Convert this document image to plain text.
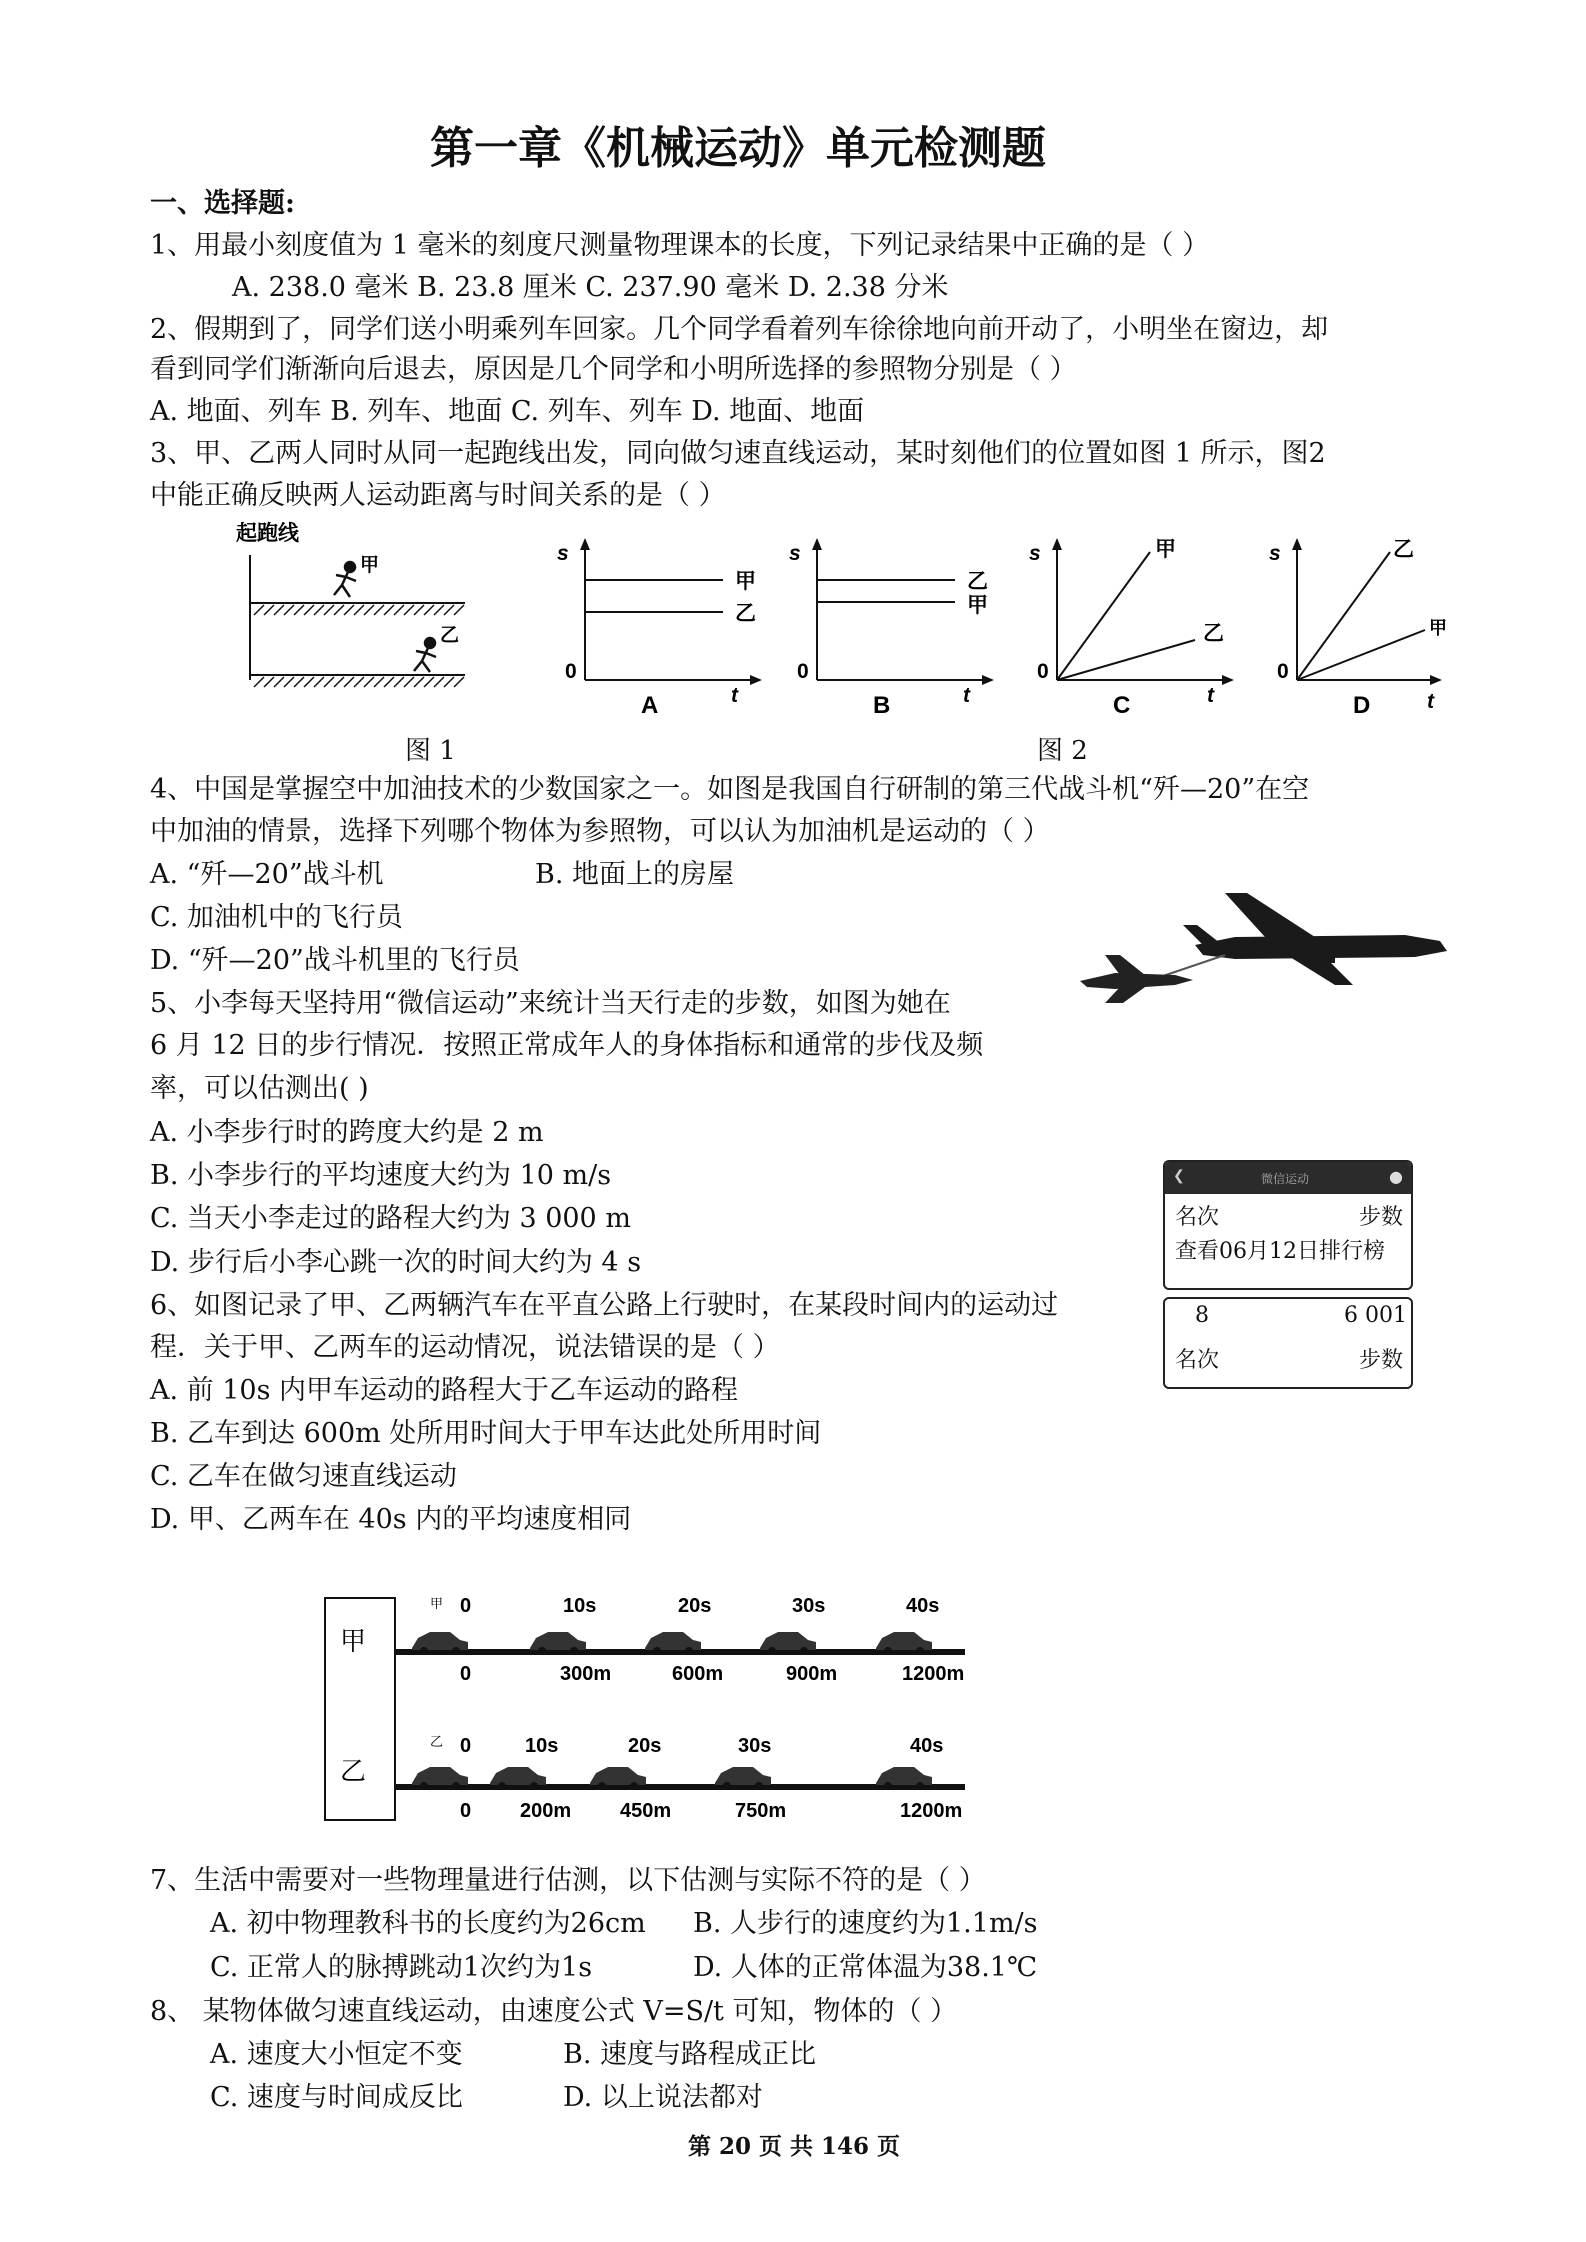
第一章《机械运动》单元检测题
一、选择题:
1、用最小刻度值为 1 毫米的刻度尺测量物理课本的长度，下列记录结果中正确的是（ ）
A. 238.0 毫米 B. 23.8 厘米 C. 237.90 毫米 D. 2.38 分米
2、假期到了，同学们送小明乘列车回家。几个同学看着列车徐徐地向前开动了，小明坐在窗边，却
看到同学们渐渐向后退去，原因是几个同学和小明所选择的参照物分别是（ ）
A. 地面、列车 B. 列车、地面 C. 列车、列车 D. 地面、地面
3、甲、乙两人同时从同一起跑线出发，同向做匀速直线运动，某时刻他们的位置如图 1 所示，图2
中能正确反映两人运动距离与时间关系的是（ ）
起跑线
甲
乙
图 1
s
0
t
甲
乙
A
s
0
t
乙
甲
B
s
0
t
甲
乙
C
s
0
t
乙
甲
D
图 2
4、中国是掌握空中加油技术的少数国家之一。如图是我国自行研制的第三代战斗机“歼—20”在空
中加油的情景，选择下列哪个物体为参照物，可以认为加油机是运动的（ ）
A. “歼—20”战斗机	B. 地面上的房屋
C. 加油机中的飞行员
D. “歼—20”战斗机里的飞行员
5、小李每天坚持用“微信运动”来统计当天行走的步数，如图为她在
6 月 12 日的步行情况．按照正常成年人的身体指标和通常的步伐及频
率，可以估测出( )
A. 小李步行时的跨度大约是 2 m
B. 小李步行的平均速度大约为 10 m/s
C. 当天小李走过的路程大约为 3 000 m
D. 步行后小李心跳一次的时间大约为 4 s
❮	微信运动	●
名次	步数
查看06月12日排行榜
8	6 001
名次	步数
6、如图记录了甲、乙两辆汽车在平直公路上行驶时，在某段时间内的运动过
程．关于甲、乙两车的运动情况，说法错误的是（ ）
A. 前 10s 内甲车运动的路程大于乙车运动的路程
B. 乙车到达 600m 处所用时间大于甲车达此处所用时间
C. 乙车在做匀速直线运动
D. 甲、乙两车在 40s 内的平均速度相同
甲
乙
甲 0	10s	20s	30s	40s
0	300m	600m	900m	1200m
乙 0	10s	20s	30s	40s
0 200m 450m	750m	1200m
7、生活中需要对一些物理量进行估测，以下估测与实际不符的是（ ）
A. 初中物理教科书的长度约为26cm B. 人步行的速度约为1.1m/s
C. 正常人的脉搏跳动1次约为1s	D. 人体的正常体温为38.1℃
8、 某物体做匀速直线运动，由速度公式 V=S/t 可知，物体的（ ）
A. 速度大小恒定不变	B. 速度与路程成正比
C. 速度与时间成反比	D. 以上说法都对
第 20 页 共 146 页
